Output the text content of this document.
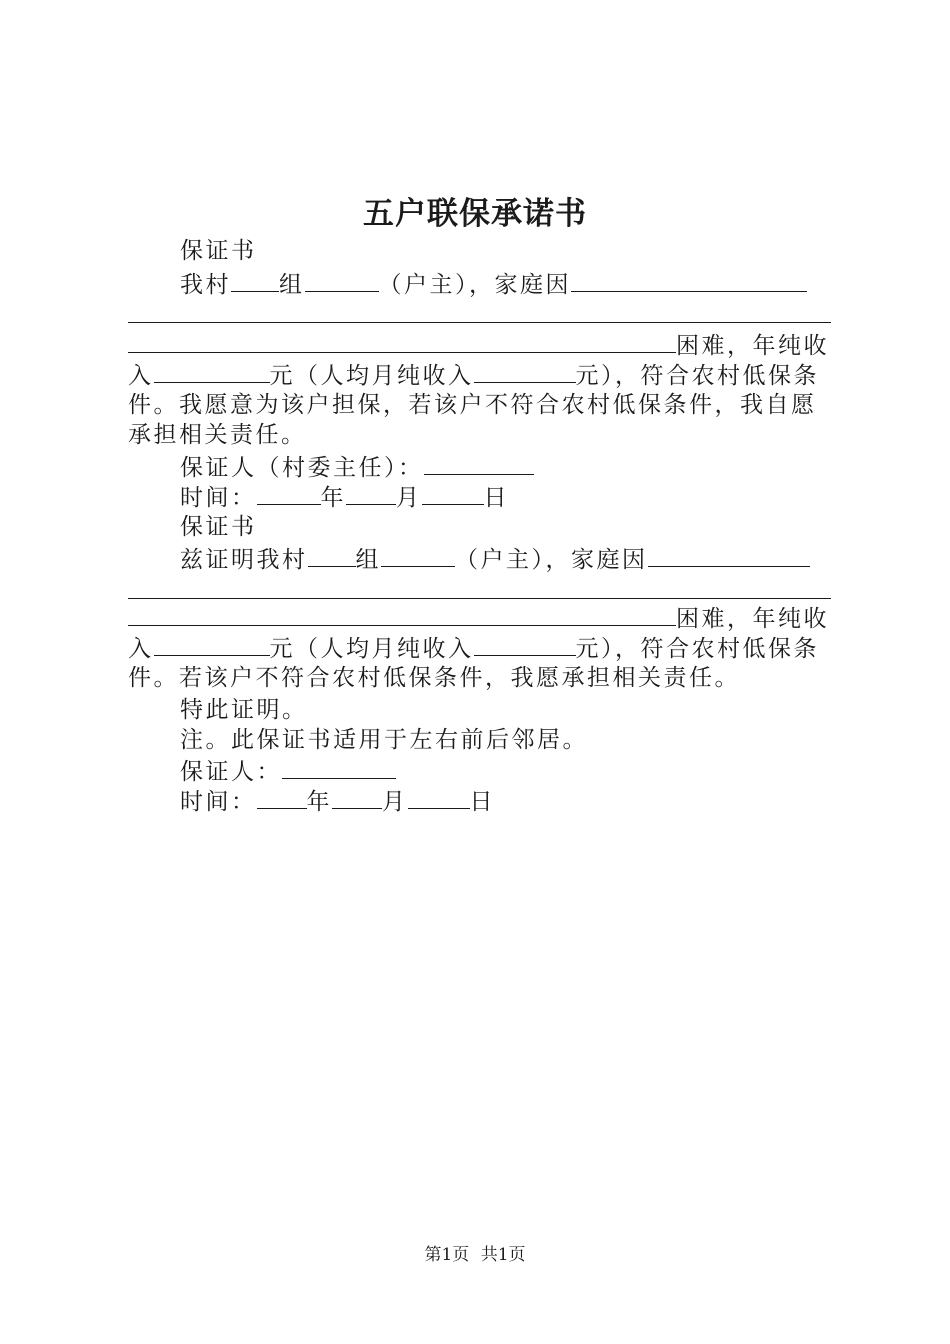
五户联保承诺书
保证书
我村 组	（户主），家庭因
困难，年纯收
入	元（人均月纯收入	元），符合农村低保条
件。我愿意为该户担保，若该户不符合农村低保条件，我自愿
承担相关责任。
保证人（村委主任）：
时间：	年 月	日
保证书
兹证明我村 组	（户主），家庭因
困难，年纯收
入	元（人均月纯收入	元），符合农村低保条
件。若该户不符合农村低保条件，我愿承担相关责任。
特此证明。
注。此保证书适用于左右前后邻居。
保证人：
时间： 年 月	日
第1页 共1页
